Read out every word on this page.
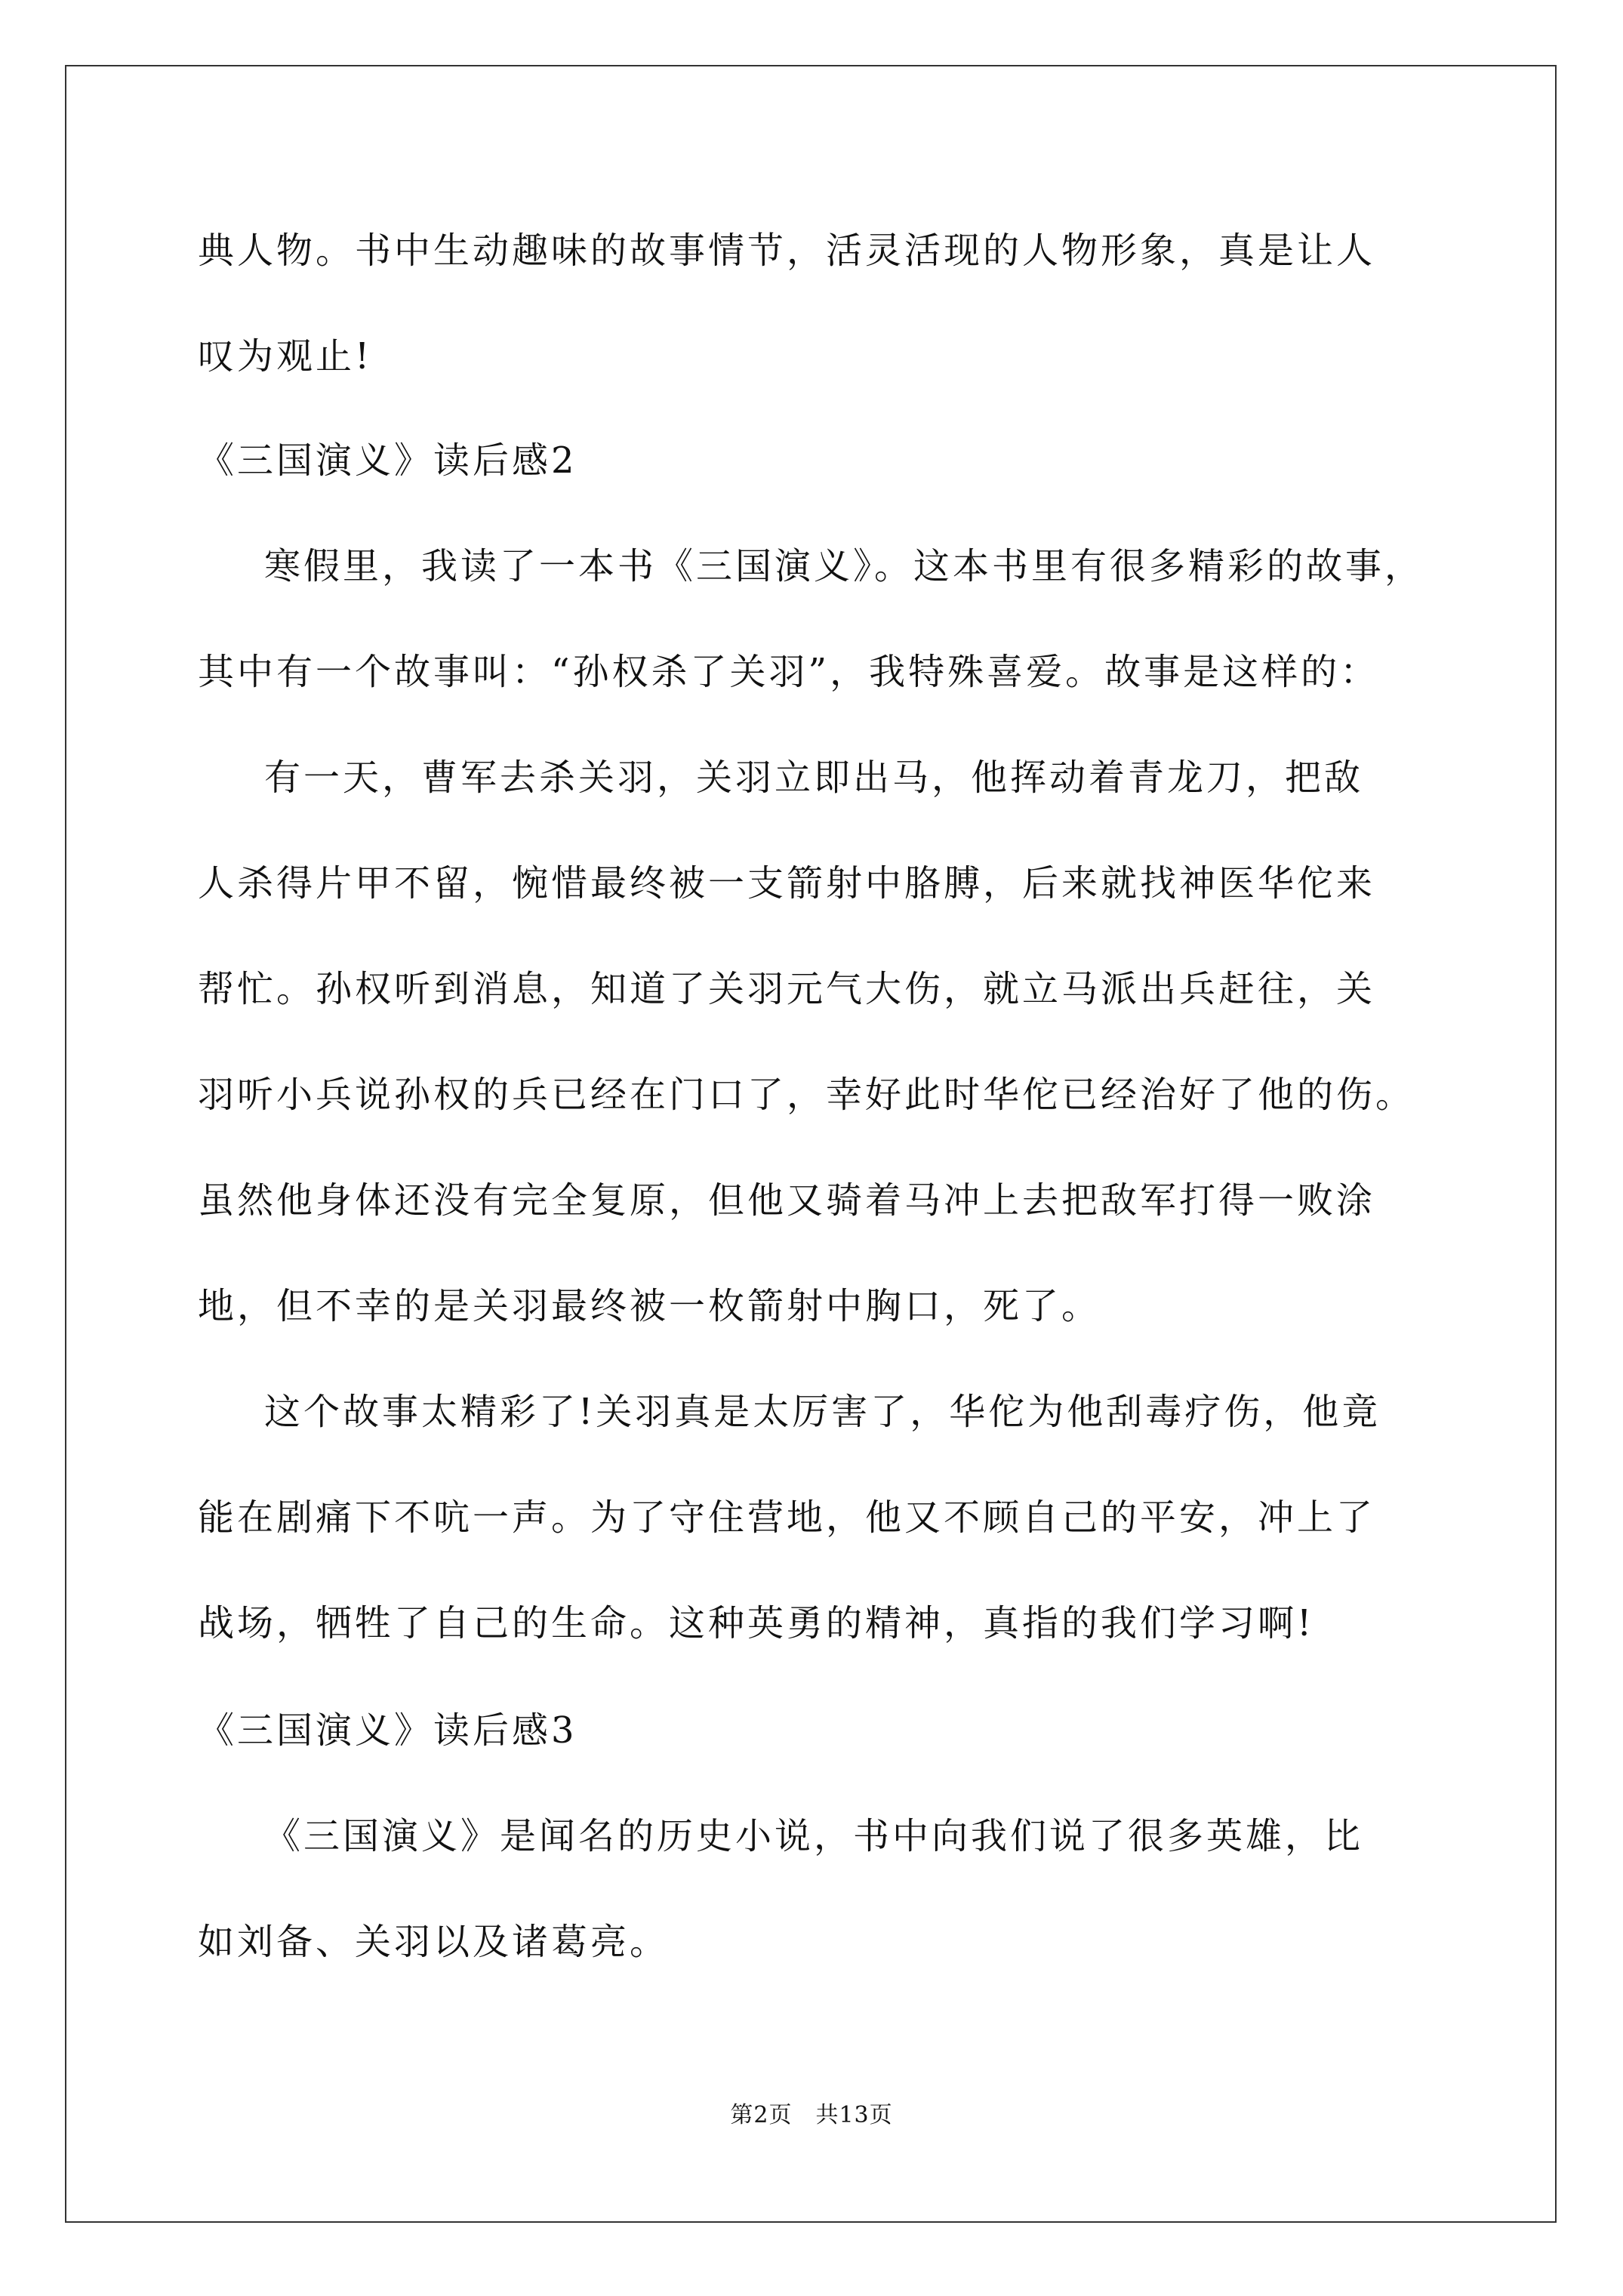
典人物。书中生动趣味的故事情节，活灵活现的人物形象，真是让人
叹为观止!
《三国演义》读后感2
寒假里，我读了一本书《三国演义》。这本书里有很多精彩的故事，
其中有一个故事叫：“孙权杀了关羽”，我特殊喜爱。故事是这样的：
有一天，曹军去杀关羽，关羽立即出马，他挥动着青龙刀，把敌
人杀得片甲不留，惋惜最终被一支箭射中胳膊，后来就找神医华佗来
帮忙。孙权听到消息，知道了关羽元气大伤，就立马派出兵赶往，关
羽听小兵说孙权的兵已经在门口了，幸好此时华佗已经治好了他的伤。
虽然他身体还没有完全复原，但他又骑着马冲上去把敌军打得一败涂
地，但不幸的是关羽最终被一枚箭射中胸口，死了。
这个故事太精彩了!关羽真是太厉害了，华佗为他刮毒疗伤，他竟
能在剧痛下不吭一声。为了守住营地，他又不顾自己的平安，冲上了
战场，牺牲了自己的生命。这种英勇的精神，真指的我们学习啊!
《三国演义》读后感3
《三国演义》是闻名的历史小说，书中向我们说了很多英雄，比
如刘备、关羽以及诸葛亮。
第2页　共13页
